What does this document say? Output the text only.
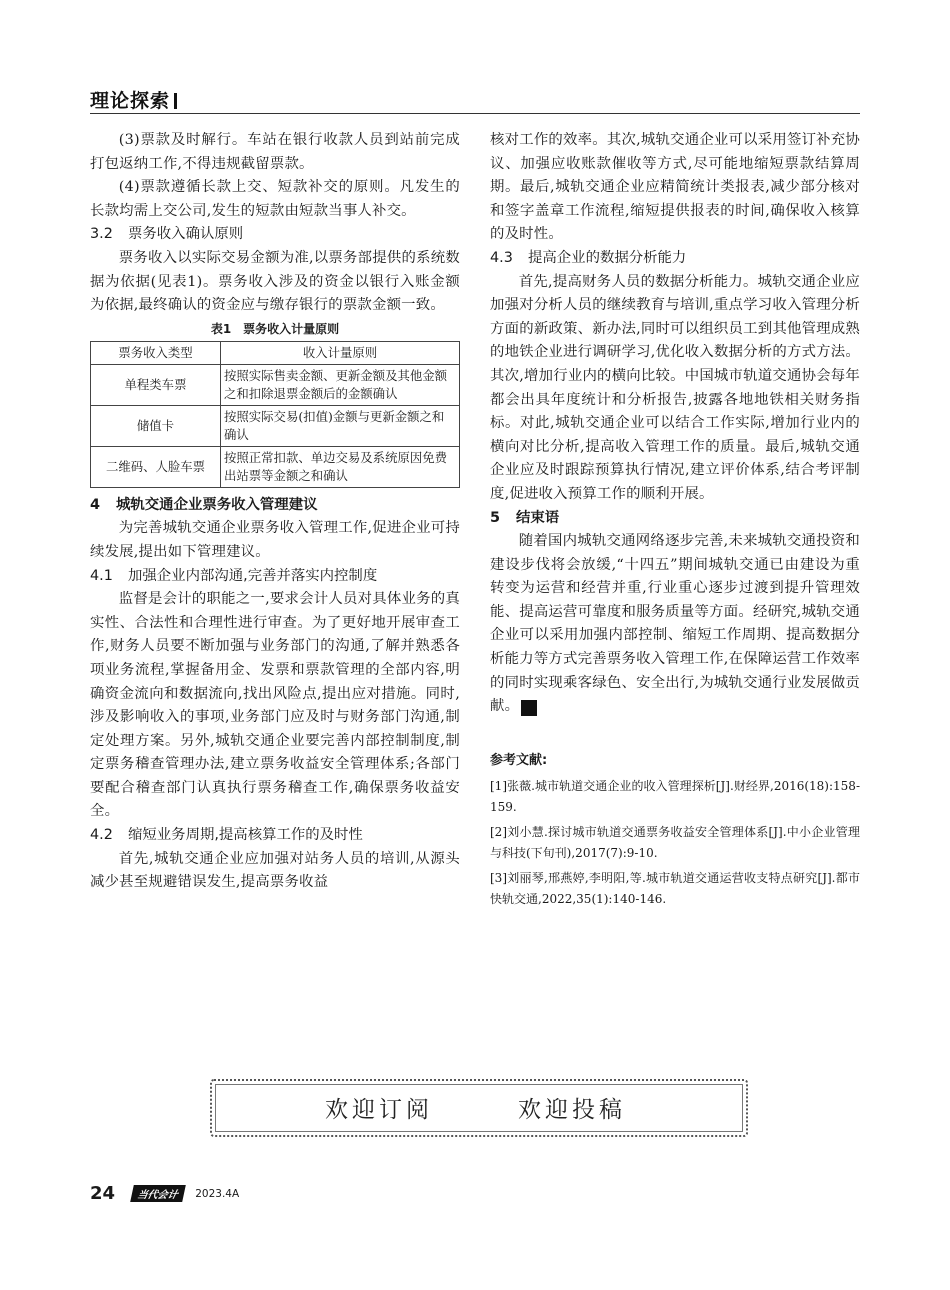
理论探索

(3)票款及时解行。车站在银行收款人员到站前完成打包返纳工作,不得违规截留票款。

(4)票款遵循长款上交、短款补交的原则。凡发生的长款均需上交公司,发生的短款由短款当事人补交。

3.2 票务收入确认原则

票务收入以实际交易金额为准,以票务部提供的系统数据为依据(见表1)。票务收入涉及的资金以银行入账金额为依据,最终确认的资金应与缴存银行的票款金额一致。

表1　票务收入计量原则
票务收入类型	收入计量原则
单程类车票	按照实际售卖金额、更新金额及其他金额之和扣除退票金额后的金额确认
储值卡	按照实际交易(扣值)金额与更新金额之和确认
二维码、人脸车票	按照正常扣款、单边交易及系统原因免费出站票等金额之和确认

4 城轨交通企业票务收入管理建议

为完善城轨交通企业票务收入管理工作,促进企业可持续发展,提出如下管理建议。

4.1 加强企业内部沟通,完善并落实内控制度

监督是会计的职能之一,要求会计人员对具体业务的真实性、合法性和合理性进行审查。为了更好地开展审查工作,财务人员要不断加强与业务部门的沟通,了解并熟悉各项业务流程,掌握备用金、发票和票款管理的全部内容,明确资金流向和数据流向,找出风险点,提出应对措施。同时,涉及影响收入的事项,业务部门应及时与财务部门沟通,制定处理方案。另外,城轨交通企业要完善内部控制制度,制定票务稽查管理办法,建立票务收益安全管理体系;各部门要配合稽查部门认真执行票务稽查工作,确保票务收益安全。

4.2 缩短业务周期,提高核算工作的及时性

首先,城轨交通企业应加强对站务人员的培训,从源头减少甚至规避错误发生,提高票务收益

核对工作的效率。其次,城轨交通企业可以采用签订补充协议、加强应收账款催收等方式,尽可能地缩短票款结算周期。最后,城轨交通企业应精简统计类报表,减少部分核对和签字盖章工作流程,缩短提供报表的时间,确保收入核算的及时性。

4.3 提高企业的数据分析能力

首先,提高财务人员的数据分析能力。城轨交通企业应加强对分析人员的继续教育与培训,重点学习收入管理分析方面的新政策、新办法,同时可以组织员工到其他管理成熟的地铁企业进行调研学习,优化收入数据分析的方式方法。其次,增加行业内的横向比较。中国城市轨道交通协会每年都会出具年度统计和分析报告,披露各地地铁相关财务指标。对此,城轨交通企业可以结合工作实际,增加行业内的横向对比分析,提高收入管理工作的质量。最后,城轨交通企业应及时跟踪预算执行情况,建立评价体系,结合考评制度,促进收入预算工作的顺利开展。

5 结束语

随着国内城轨交通网络逐步完善,未来城轨交通投资和建设步伐将会放缓,“十四五”期间城轨交通已由建设为重转变为运营和经营并重,行业重心逐步过渡到提升管理效能、提高运营可靠度和服务质量等方面。经研究,城轨交通企业可以采用加强内部控制、缩短工作周期、提高数据分析能力等方式完善票务收入管理工作,在保障运营工作效率的同时实现乘客绿色、安全出行,为城轨交通行业发展做贡献。	A

参考文献:

[1]张薇.城市轨道交通企业的收入管理探析[J].财经界,2016(18):158-159.

[2]刘小慧.探讨城市轨道交通票务收益安全管理体系[J].中小企业管理与科技(下旬刊),2017(7):9-10.

[3]刘丽琴,邢燕婷,李明阳,等.城市轨道交通运营收支特点研究[J].都市快轨交通,2022,35(1):140-146.

欢迎订阅	欢迎投稿
24 当代会计 2023.4A
